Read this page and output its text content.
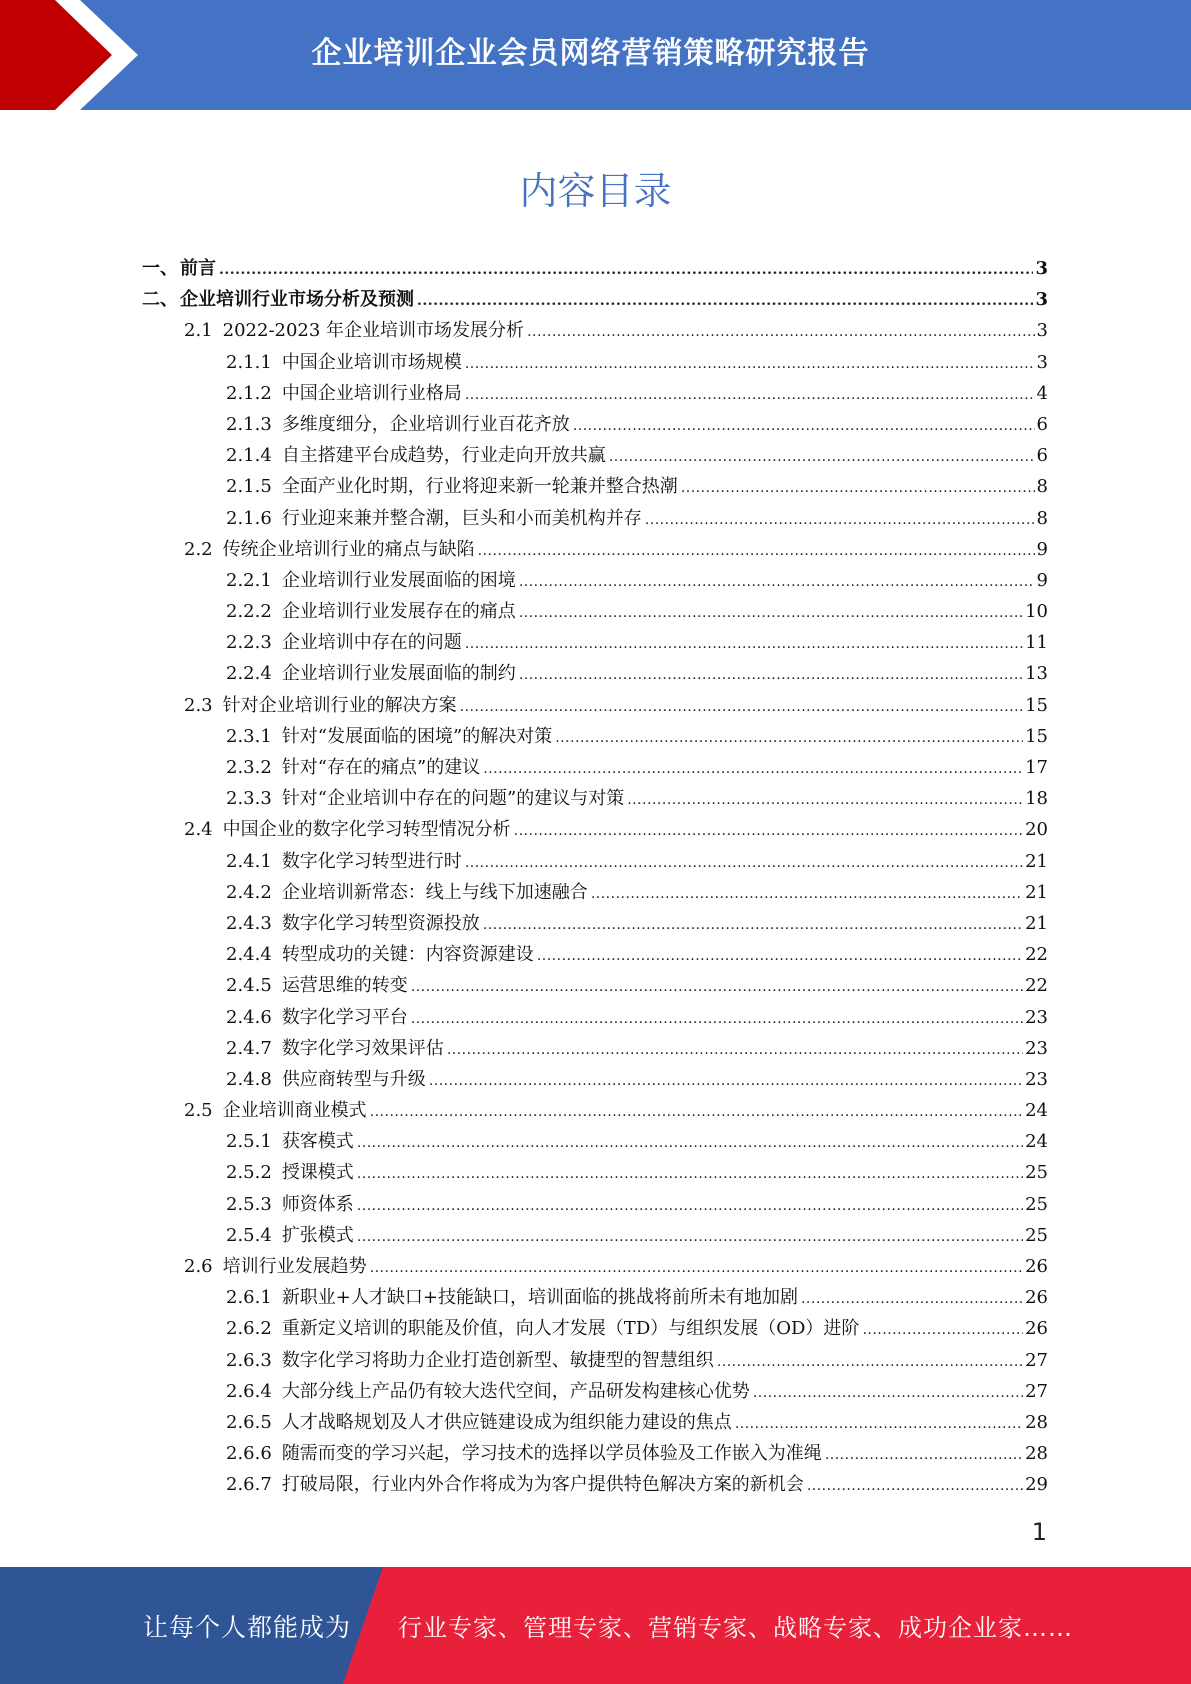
企业培训企业会员网络营销策略研究报告
内容目录
一、 前言 .....	3
二、 企业培训行业市场分析及预测 .....	3
2.1 2022-2023 年企业培训市场发展分析 .....	3
2.1.1 中国企业培训市场规模 .....	3
2.1.2 中国企业培训行业格局 .....	4
2.1.3 多维度细分，企业培训行业百花齐放 .....	6
2.1.4 自主搭建平台成趋势，行业走向开放共赢 .....	6
2.1.5 全面产业化时期，行业将迎来新一轮兼并整合热潮 .....	8
2.1.6 行业迎来兼并整合潮，巨头和小而美机构并存 .....	8
2.2 传统企业培训行业的痛点与缺陷 .....	9
2.2.1 企业培训行业发展面临的困境 .....	9
2.2.2 企业培训行业发展存在的痛点 .....	10
2.2.3 企业培训中存在的问题 .....	11
2.2.4 企业培训行业发展面临的制约 .....	13
2.3 针对企业培训行业的解决方案 .....	15
2.3.1 针对“发展面临的困境”的解决对策 .....	15
2.3.2 针对“存在的痛点”的建议 .....	17
2.3.3 针对“企业培训中存在的问题”的建议与对策 .....	18
2.4 中国企业的数字化学习转型情况分析 .....	20
2.4.1 数字化学习转型进行时 .....	21
2.4.2 企业培训新常态：线上与线下加速融合 .....	21
2.4.3 数字化学习转型资源投放 .....	21
2.4.4 转型成功的关键：内容资源建设 .....	22
2.4.5 运营思维的转变 .....	22
2.4.6 数字化学习平台 .....	23
2.4.7 数字化学习效果评估 .....	23
2.4.8 供应商转型与升级 .....	23
2.5 企业培训商业模式 .....	24
2.5.1 获客模式 .....	24
2.5.2 授课模式 .....	25
2.5.3 师资体系 .....	25
2.5.4 扩张模式 .....	25
2.6 培训行业发展趋势 .....	26
2.6.1 新职业+人才缺口+技能缺口，培训面临的挑战将前所未有地加剧 .....	26
2.6.2 重新定义培训的职能及价值，向人才发展（TD）与组织发展（OD）进阶 .....	26
2.6.3 数字化学习将助力企业打造创新型、敏捷型的智慧组织 .....	27
2.6.4 大部分线上产品仍有较大迭代空间，产品研发构建核心优势 .....	27
2.6.5 人才战略规划及人才供应链建设成为组织能力建设的焦点 .....	28
2.6.6 随需而变的学习兴起，学习技术的选择以学员体验及工作嵌入为准绳 .....	28
2.6.7 打破局限，行业内外合作将成为为客户提供特色解决方案的新机会 .....	29
1
让每个人都能成为 行业专家、管理专家、营销专家、战略专家、成功企业家……
